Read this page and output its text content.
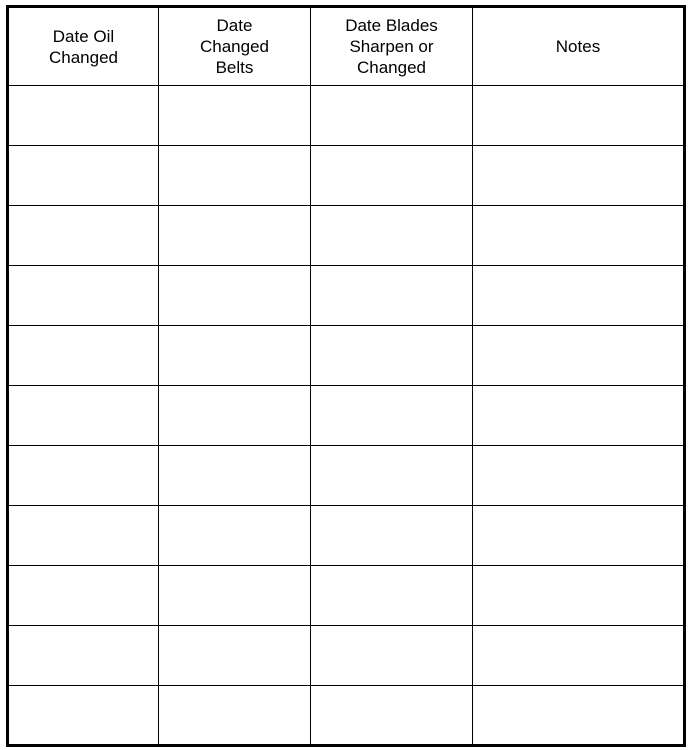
Date Oil
Changed	Date
Changed
Belts	Date Blades
Sharpen or
Changed	Notes
